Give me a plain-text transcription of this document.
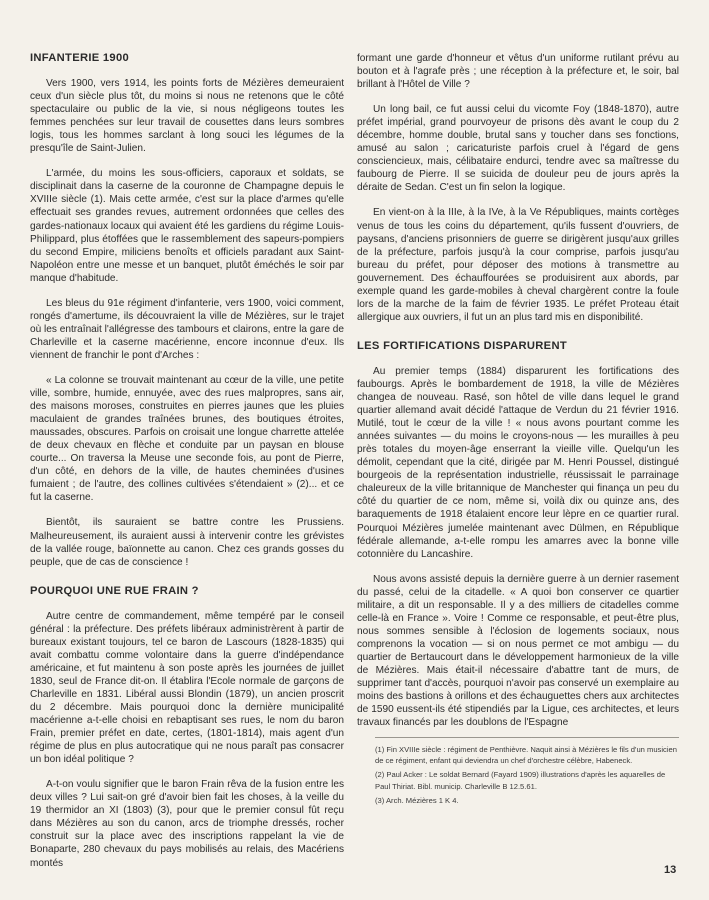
INFANTERIE 1900

Vers 1900, vers 1914, les points forts de Mézières demeuraient ceux d'un siècle plus tôt, du moins si nous ne retenons que le côté spectaculaire ou public de la vie, si nous négligeons toutes les femmes penchées sur leur travail de cousettes dans leurs sombres logis, tous les hommes sarclant à long souci les légumes de la presqu'île de Saint-Julien.

L'armée, du moins les sous-officiers, caporaux et soldats, se disciplinait dans la caserne de la couronne de Champagne depuis le XVIIIe siècle (1). Mais cette armée, c'est sur la place d'armes qu'elle effectuait ses grandes revues, autrement ordonnées que celles des gardes-nationaux locaux qui avaient été les gardiens du régime Louis-Philippard, plus étoffées que le rassemblement des sapeurs-pompiers du second Empire, miliciens benoîts et officiels paradant aux Saint-Napoléon entre une messe et un banquet, plutôt éméchés le soir par manque d'habitude.

Les bleus du 91e régiment d'infanterie, vers 1900, voici comment, rongés d'amertume, ils découvraient la ville de Mézières, sur le trajet où les entraînait l'allégresse des tambours et clairons, entre la gare de Charleville et la caserne macérienne, encore inconnue d'eux. Ils viennent de franchir le pont d'Arches :

« La colonne se trouvait maintenant au cœur de la ville, une petite ville, sombre, humide, ennuyée, avec des rues malpropres, sans air, des maisons moroses, construites en pierres jaunes que les pluies maculaient de grandes traînées brunes, des boutiques étroites, maussades, obscures. Parfois on croisait une longue charrette attelée de deux chevaux en flèche et conduite par un paysan en blouse courte... On traversa la Meuse une seconde fois, au pont de Pierre, d'un côté, en dehors de la ville, de hautes cheminées d'usines fumaient ; de l'autre, des collines cultivées s'étendaient » (2)... et ce fut la caserne.

Bientôt, ils sauraient se battre contre les Prussiens. Malheureusement, ils auraient aussi à intervenir contre les grévistes de la vallée rouge, baïonnette au canon. Chez ces grands gosses du peuple, que de cas de conscience !

POURQUOI UNE RUE FRAIN ?

Autre centre de commandement, même tempéré par le conseil général : la préfecture. Des préfets libéraux administrèrent à partir de bureaux existant toujours, tel ce baron de Lascours (1828-1835) qui avait combattu comme volontaire dans la guerre d'indépendance américaine, et fut maintenu à son poste après les journées de juillet 1830, seul de France dit-on. Il établira l'Ecole normale de garçons de Charleville en 1831. Libéral aussi Blondin (1879), un ancien proscrit du 2 décembre. Mais pourquoi donc la dernière municipalité macérienne a-t-elle choisi en rebaptisant ses rues, le nom du baron Frain, premier préfet en date, certes, (1801-1814), mais agent d'un régime de plus en plus autocratique qui ne nous paraît pas consacrer un bon idéal politique ?

A-t-on voulu signifier que le baron Frain rêva de la fusion entre les deux villes ? Lui sait-on gré d'avoir bien fait les choses, à la veille du 19 thermidor an XI (1803) (3), pour que le premier consul fût reçu dans Mézières au son du canon, arcs de triomphe dressés, rocher construit sur la place avec des inscriptions rappelant la vie de Bonaparte, 280 chevaux du pays mobilisés au relais, des Macériens montés

formant une garde d'honneur et vêtus d'un uniforme rutilant prévu au bouton et à l'agrafe près ; une réception à la préfecture et, le soir, bal brillant à l'Hôtel de Ville ?

Un long bail, ce fut aussi celui du vicomte Foy (1848-1870), autre préfet impérial, grand pourvoyeur de prisons dès avant le coup du 2 décembre, homme double, brutal sans y toucher dans ses fonctions, amusé au salon ; caricaturiste parfois cruel à l'égard de gens consciencieux, mais, célibataire endurci, tendre avec sa maîtresse du faubourg de Pierre. Il se suicida de douleur peu de jours après la déraite de Sedan. C'est un fin selon la logique.

En vient-on à la IIIe, à la IVe, à la Ve Républiques, maints cortèges venus de tous les coins du département, qu'ils fussent d'ouvriers, de paysans, d'anciens prisonniers de guerre se dirigèrent jusqu'aux grilles de la préfecture, parfois jusqu'à la cour comprise, parfois jusqu'au bureau du préfet, pour déposer des motions à transmettre au gouvernement. Des échauffourées se produisirent aux abords, par exemple quand les garde-mobiles à cheval chargèrent contre la foule lors de la marche de la faim de février 1935. Le préfet Proteau était allergique aux ouvriers, il fut un an plus tard mis en disponibilité.

LES FORTIFICATIONS DISPARURENT

Au premier temps (1884) disparurent les fortifications des faubourgs. Après le bombardement de 1918, la ville de Mézières changea de nouveau. Rasé, son hôtel de ville dans lequel le grand quartier allemand avait décidé l'attaque de Verdun du 21 février 1916. Mutilé, tout le cœur de la ville ! « nous avons pourtant comme les années suivantes — du moins le croyons-nous — les murailles à peu près totales du moyen-âge enserrant la vieille ville. Quelqu'un les démolit, cependant que la cité, dirigée par M. Henri Poussel, distingué bourgeois de la représentation industrielle, réussissait le parrainage chaleureux de la ville britannique de Manchester qui finança un peu du côté du quartier de ce nom, même si, voilà dix ou quinze ans, des baraquements de 1918 étalaient encore leur lèpre en ce quartier rural. Pourquoi Mézières jumelée maintenant avec Dülmen, en République fédérale allemande, a-t-elle rompu les amarres avec la bonne ville cotonnière du Lancashire.

Nous avons assisté depuis la dernière guerre à un dernier rasement du passé, celui de la citadelle. « A quoi bon conserver ce quartier militaire, a dit un responsable. Il y a des milliers de citadelles comme celle-là en France ». Voire ! Comme ce responsable, et peut-être plus, nous sommes sensible à l'éclosion de logements sociaux, nous comprenons la vocation — si on nous permet ce mot ambigu — du quartier de Bertaucourt dans le développement harmonieux de la ville de Mézières. Mais était-il nécessaire d'abattre tant de murs, de supprimer tant d'accès, pourquoi n'avoir pas conservé un exemplaire au moins des bastions à orillons et des échauguettes chers aux architectes de 1590 eussent-ils été stipendiés par la Ligue, ces architectes, et leurs travaux financés par les doublons de l'Espagne

(1) Fin XVIIIe siècle : régiment de Penthièvre. Naquit ainsi à Mézières le fils d'un musicien de ce régiment, enfant qui deviendra un chef d'orchestre célèbre, Habeneck.

(2) Paul Acker : Le soldat Bernard (Fayard 1909) illustrations d'après les aquarelles de Paul Thiriat. Bibl. municip. Charleville B 12.5.61.

(3) Arch. Mézières 1 K 4.

13
